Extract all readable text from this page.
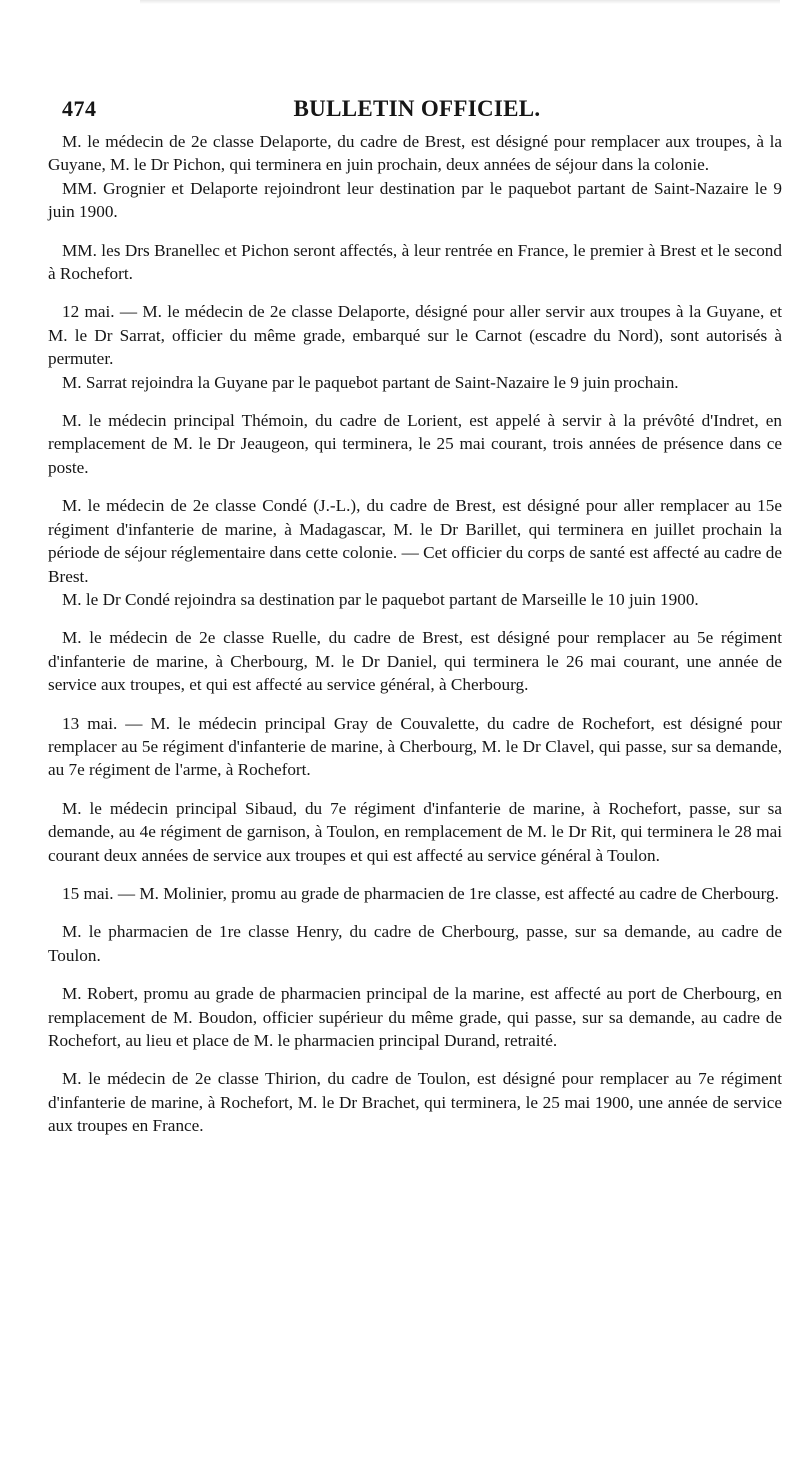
474	BULLETIN OFFICIEL.

M. le médecin de 2e classe Delaporte, du cadre de Brest, est désigné pour remplacer aux troupes, à la Guyane, M. le Dr Pichon, qui terminera en juin prochain, deux années de séjour dans la colonie.

MM. Grognier et Delaporte rejoindront leur destination par le paquebot partant de Saint-Nazaire le 9 juin 1900.

MM. les Drs Branellec et Pichon seront affectés, à leur rentrée en France, le premier à Brest et le second à Rochefort.

12 mai. — M. le médecin de 2e classe Delaporte, désigné pour aller servir aux troupes à la Guyane, et M. le Dr Sarrat, officier du même grade, embarqué sur le Carnot (escadre du Nord), sont autorisés à permuter.

M. Sarrat rejoindra la Guyane par le paquebot partant de Saint-Nazaire le 9 juin prochain.

M. le médecin principal Thémoin, du cadre de Lorient, est appelé à servir à la prévôté d'Indret, en remplacement de M. le Dr Jeaugeon, qui terminera, le 25 mai courant, trois années de présence dans ce poste.

M. le médecin de 2e classe Condé (J.-L.), du cadre de Brest, est désigné pour aller remplacer au 15e régiment d'infanterie de marine, à Madagascar, M. le Dr Barillet, qui terminera en juillet prochain la période de séjour réglementaire dans cette colonie. — Cet officier du corps de santé est affecté au cadre de Brest.

M. le Dr Condé rejoindra sa destination par le paquebot partant de Marseille le 10 juin 1900.

M. le médecin de 2e classe Ruelle, du cadre de Brest, est désigné pour remplacer au 5e régiment d'infanterie de marine, à Cherbourg, M. le Dr Daniel, qui terminera le 26 mai courant, une année de service aux troupes, et qui est affecté au service général, à Cherbourg.

13 mai. — M. le médecin principal Gray de Couvalette, du cadre de Rochefort, est désigné pour remplacer au 5e régiment d'infanterie de marine, à Cherbourg, M. le Dr Clavel, qui passe, sur sa demande, au 7e régiment de l'arme, à Rochefort.

M. le médecin principal Sibaud, du 7e régiment d'infanterie de marine, à Rochefort, passe, sur sa demande, au 4e régiment de garnison, à Toulon, en remplacement de M. le Dr Rit, qui terminera le 28 mai courant deux années de service aux troupes et qui est affecté au service général à Toulon.

15 mai. — M. Molinier, promu au grade de pharmacien de 1re classe, est affecté au cadre de Cherbourg.

M. le pharmacien de 1re classe Henry, du cadre de Cherbourg, passe, sur sa demande, au cadre de Toulon.

M. Robert, promu au grade de pharmacien principal de la marine, est affecté au port de Cherbourg, en remplacement de M. Boudon, officier supérieur du même grade, qui passe, sur sa demande, au cadre de Rochefort, au lieu et place de M. le pharmacien principal Durand, retraité.

M. le médecin de 2e classe Thirion, du cadre de Toulon, est désigné pour remplacer au 7e régiment d'infanterie de marine, à Rochefort, M. le Dr Brachet, qui terminera, le 25 mai 1900, une année de service aux troupes en France.
